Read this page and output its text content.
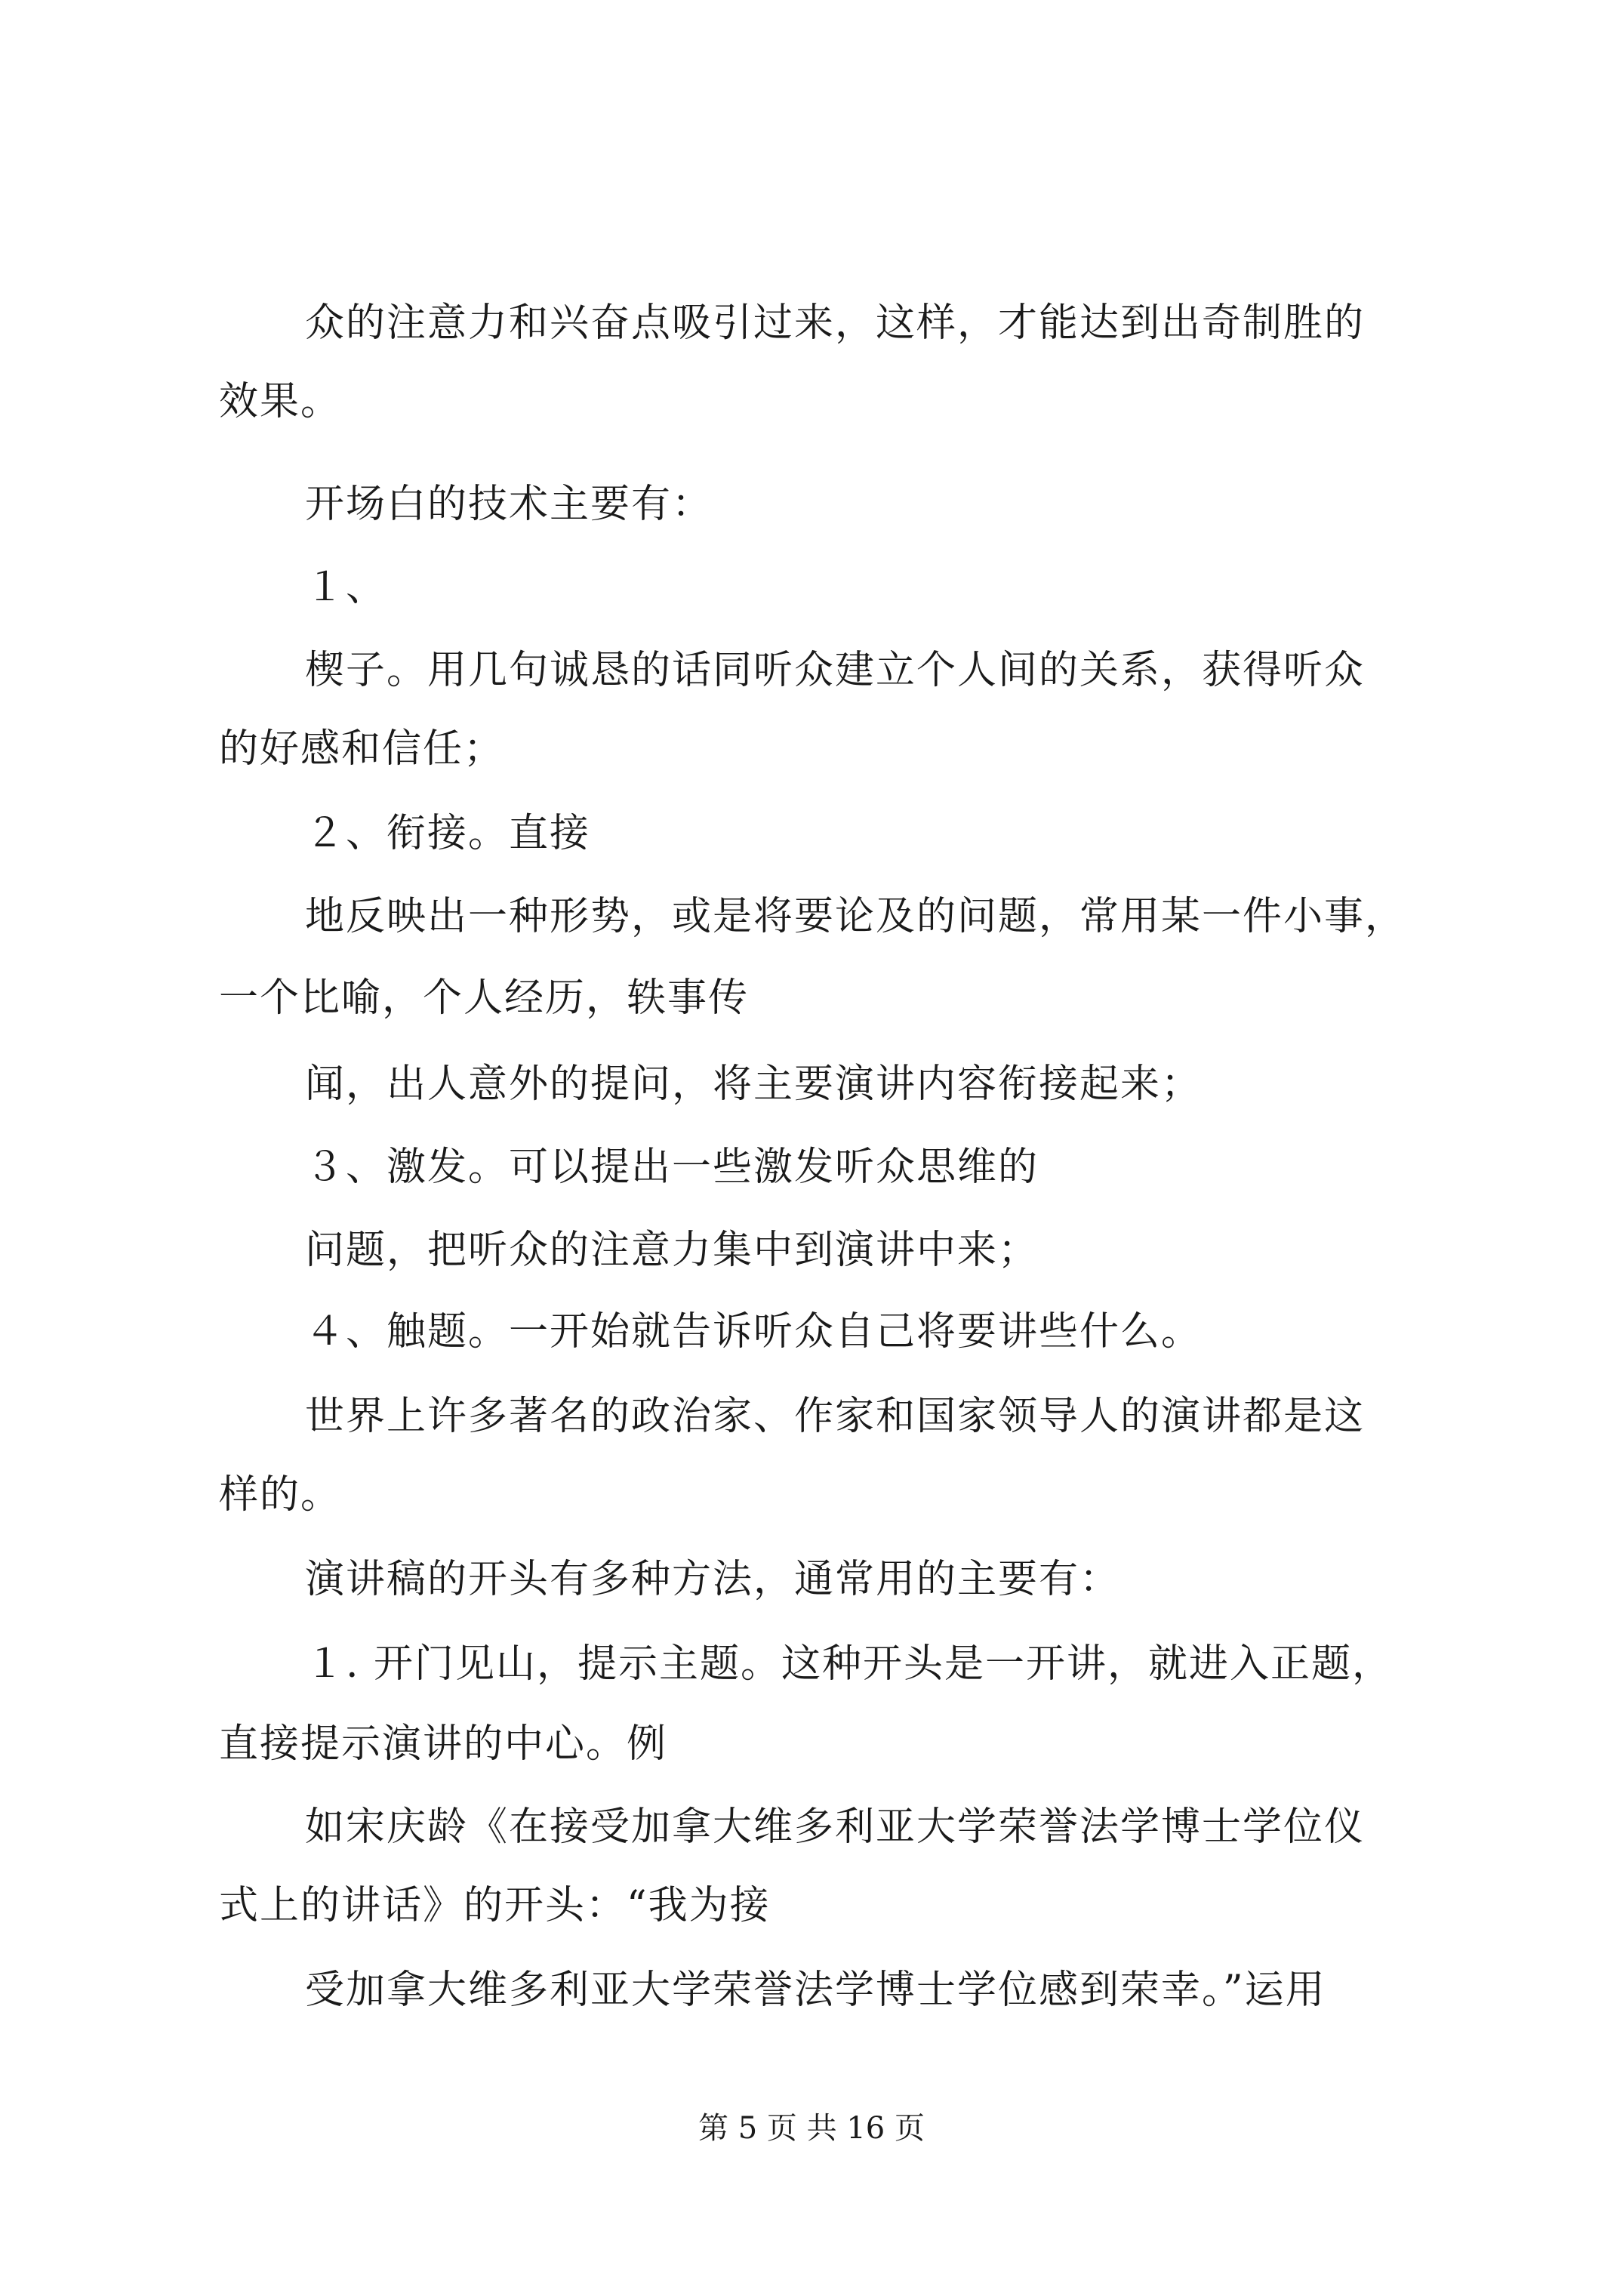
众的注意力和兴奋点吸引过来，这样，才能达到出奇制胜的
效果。
开场白的技术主要有：
１、
楔子。用几句诚恳的话同听众建立个人间的关系，获得听众
的好感和信任；
２、衔接。直接
地反映出一种形势，或是将要论及的问题，常用某一件小事，
一个比喻，个人经历，轶事传
闻，出人意外的提问，将主要演讲内容衔接起来；
３、激发。可以提出一些激发听众思维的
问题，把听众的注意力集中到演讲中来；
４、触题。一开始就告诉听众自己将要讲些什么。
世界上许多著名的政治家、作家和国家领导人的演讲都是这
样的。
演讲稿的开头有多种方法，通常用的主要有：
１. 开门见山，提示主题。这种开头是一开讲，就进入正题，
直接提示演讲的中心。例
如宋庆龄《在接受加拿大维多利亚大学荣誉法学博士学位仪
式上的讲话》的开头：“我为接
受加拿大维多利亚大学荣誉法学博士学位感到荣幸。”运用
第 5 页 共 16 页
